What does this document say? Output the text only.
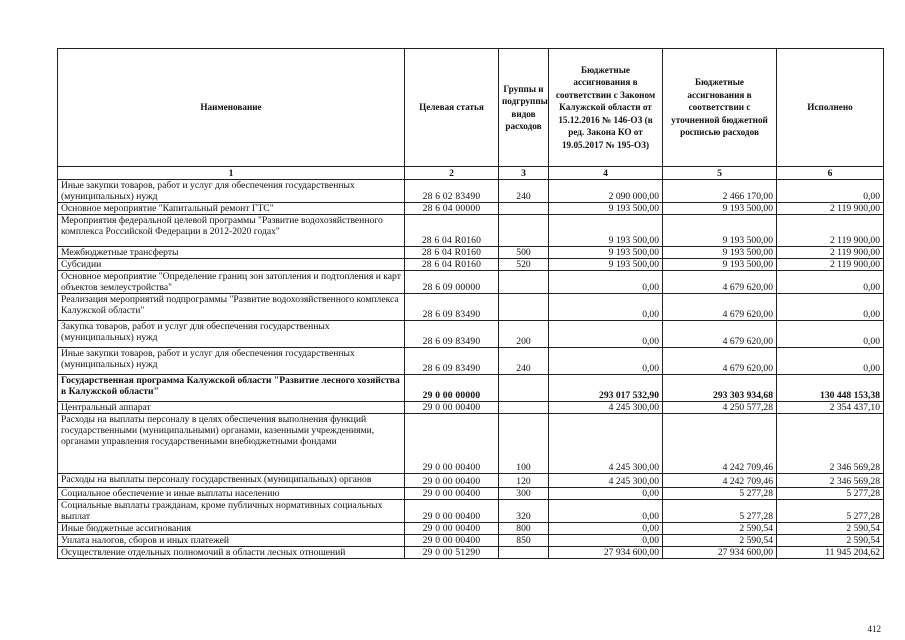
Наименование	Целевая статья	Группы и подгруппы видов расходов	Бюджетные ассигнования в соответствии с Законом Калужской области от 15.12.2016 № 146-ОЗ (в ред. Закона КО от 19.05.2017 № 195-ОЗ)	Бюджетные ассигнования в соответствии с уточненной бюджетной росписью расходов	Исполнено
1	2	3	4	5	6
Иные закупки товаров, работ и услуг для обеспечения государственных (муниципальных) нужд	28 6 02 83490	240	2 090 000,00	2 466 170,00	0,00
Основное мероприятие "Капитальный ремонт ГТС"	28 6 04 00000		9 193 500,00	9 193 500,00	2 119 900,00
Мероприятия федеральной целевой программы "Развитие водохозяйственного комплекса Российской Федерации в 2012-2020 годах"	28 6 04 R0160		9 193 500,00	9 193 500,00	2 119 900,00
Межбюджетные трансферты	28 6 04 R0160	500	9 193 500,00	9 193 500,00	2 119 900,00
Субсидии	28 6 04 R0160	520	9 193 500,00	9 193 500,00	2 119 900,00
Основное мероприятие "Определение границ зон затопления и подтопления и карт объектов землеустройства"	28 6 09 00000		0,00	4 679 620,00	0,00
Реализация мероприятий подпрограммы "Развитие водохозяйственного комплекса Калужской области"	28 6 09 83490		0,00	4 679 620,00	0,00
Закупка товаров, работ и услуг для обеспечения государственных (муниципальных) нужд	28 6 09 83490	200	0,00	4 679 620,00	0,00
Иные закупки товаров, работ и услуг для обеспечения государственных (муниципальных) нужд	28 6 09 83490	240	0,00	4 679 620,00	0,00
Государственная программа Калужской области "Развитие лесного хозяйства в Калужской области"	29 0 00 00000		293 017 532,90	293 303 934,68	130 448 153,38
Центральный аппарат	29 0 00 00400		4 245 300,00	4 250 577,28	2 354 437,10
Расходы на выплаты персоналу в целях обеспечения выполнения функций государственными (муниципальными) органами, казенными учреждениями, органами управления государственными внебюджетными фондами	29 0 00 00400	100	4 245 300,00	4 242 709,46	2 346 569,28
Расходы на выплаты персоналу государственных (муниципальных) органов	29 0 00 00400	120	4 245 300,00	4 242 709,46	2 346 569,28
Социальное обеспечение и иные выплаты населению	29 0 00 00400	300	0,00	5 277,28	5 277,28
Социальные выплаты гражданам, кроме публичных нормативных социальных выплат	29 0 00 00400	320	0,00	5 277,28	5 277,28
Иные бюджетные ассигнования	29 0 00 00400	800	0,00	2 590,54	2 590,54
Уплата налогов, сборов и иных платежей	29 0 00 00400	850	0,00	2 590,54	2 590,54
Осуществление отдельных полномочий в области лесных отношений	29 0 00 51290		27 934 600,00	27 934 600,00	11 945 204,62
412
